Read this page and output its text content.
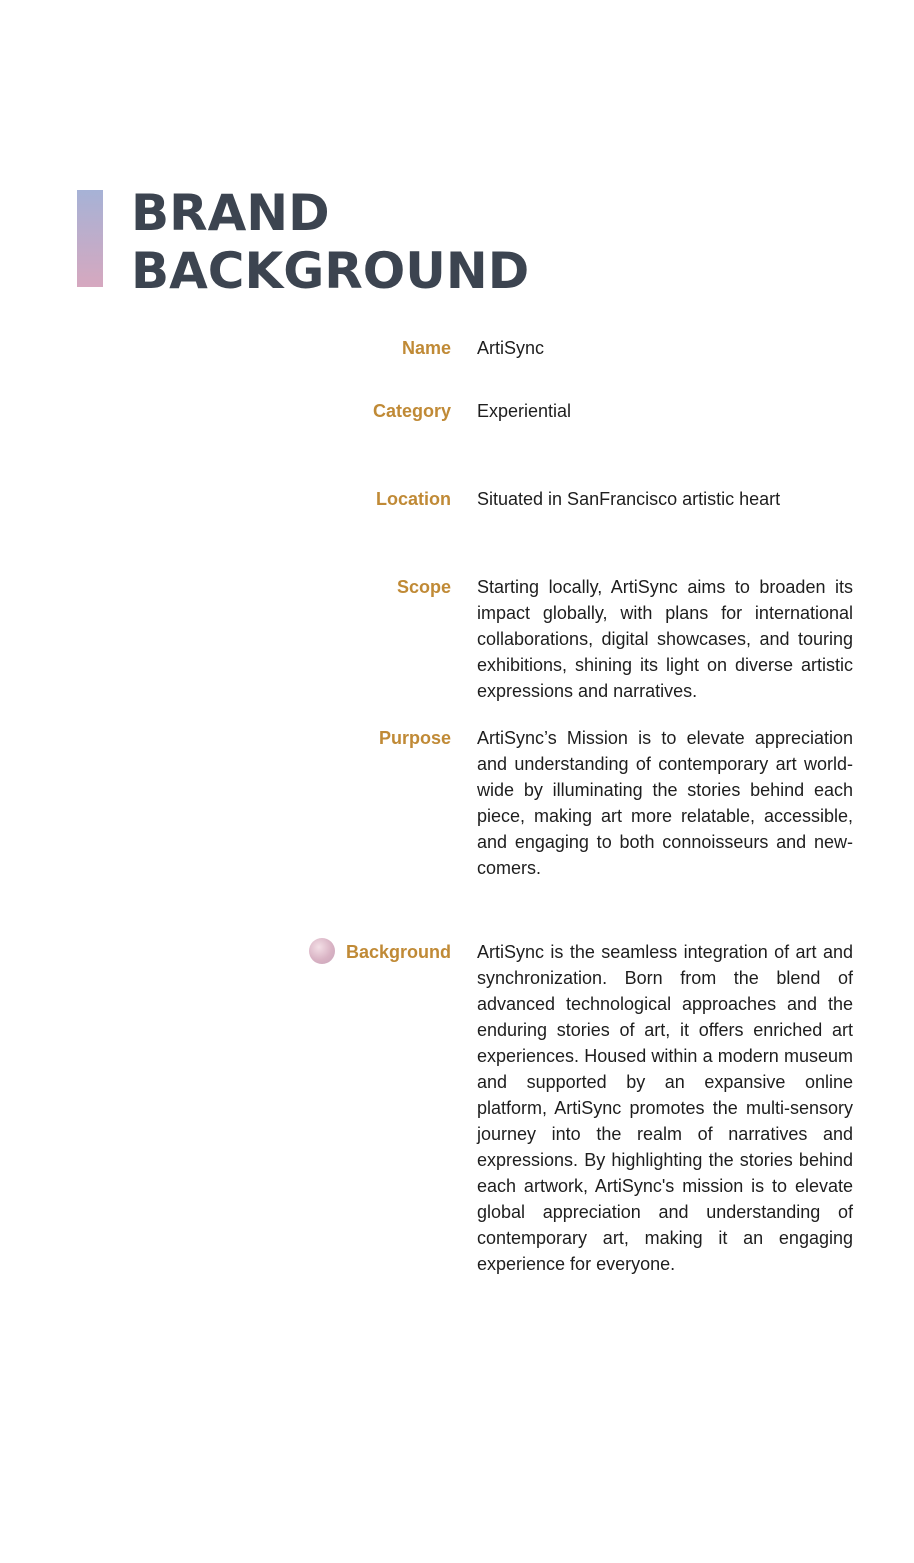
BRAND
BACKGROUND
Name ArtiSync
Category Experiential
Location Situated in SanFrancisco artistic heart
Scope Starting locally, ArtiSync aims to broaden its impact globally, with plans for international collaborations, digital showcases, and touring exhibitions, shining its light on diverse artistic expressions and narratives.
Purpose ArtiSync’s Mission is to elevate appreciation and understanding of contemporary art world-wide by illuminating the stories behind each piece, making art more relatable, accessible, and engaging to both connoisseurs and new-comers.
Background ArtiSync is the seamless integration of art and synchronization. Born from the blend of advanced technological approaches and the enduring stories of art, it offers enriched art experiences. Housed within a modern museum and supported by an expansive online platform, ArtiSync promotes the multi-sensory journey into the realm of narratives and expressions. By highlighting the stories behind each artwork, ArtiSync's mission is to elevate global appreciation and understanding of contemporary art, making it an engaging experience for everyone.
